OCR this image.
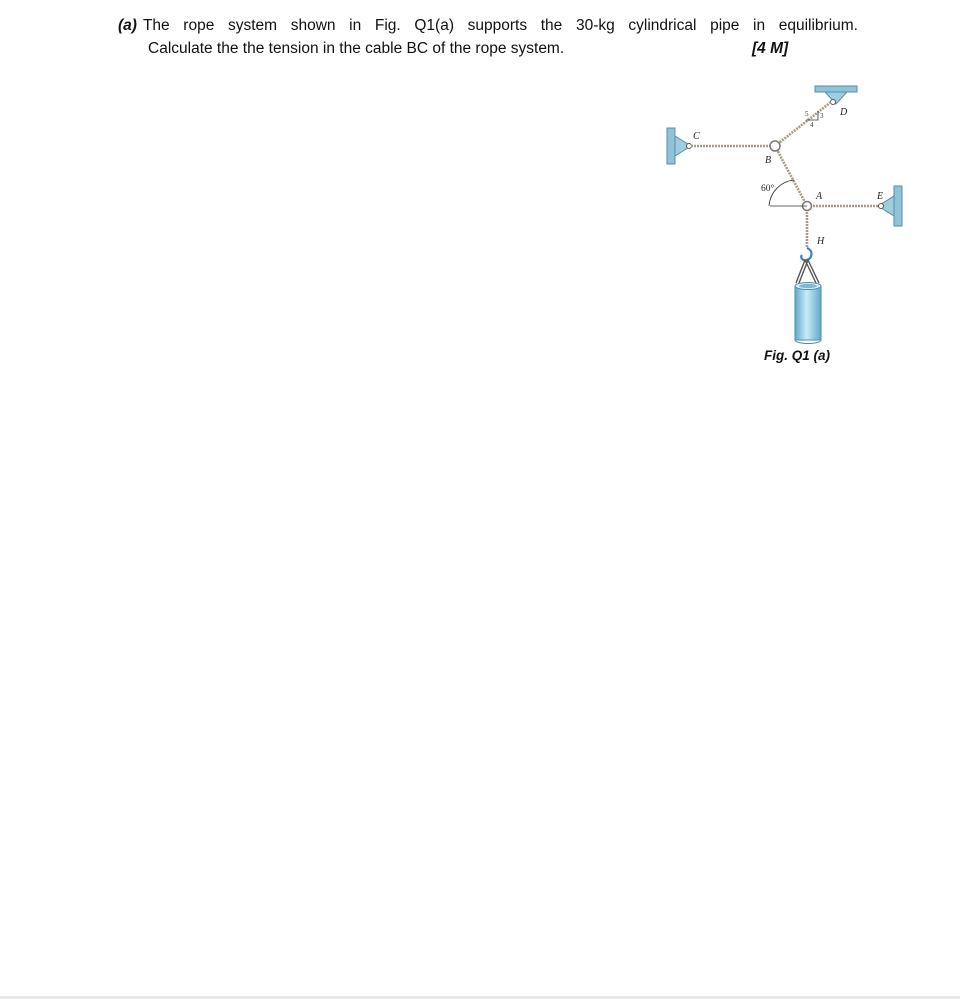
(a) The rope system shown in Fig. Q1(a) supports the 30-kg cylindrical pipe in equilibrium.
Calculate the the tension in the cable BC of the rope system.	[4 M]
5 3
4
60°
C
B
D
A	E
H
Fig. Q1 (a)
